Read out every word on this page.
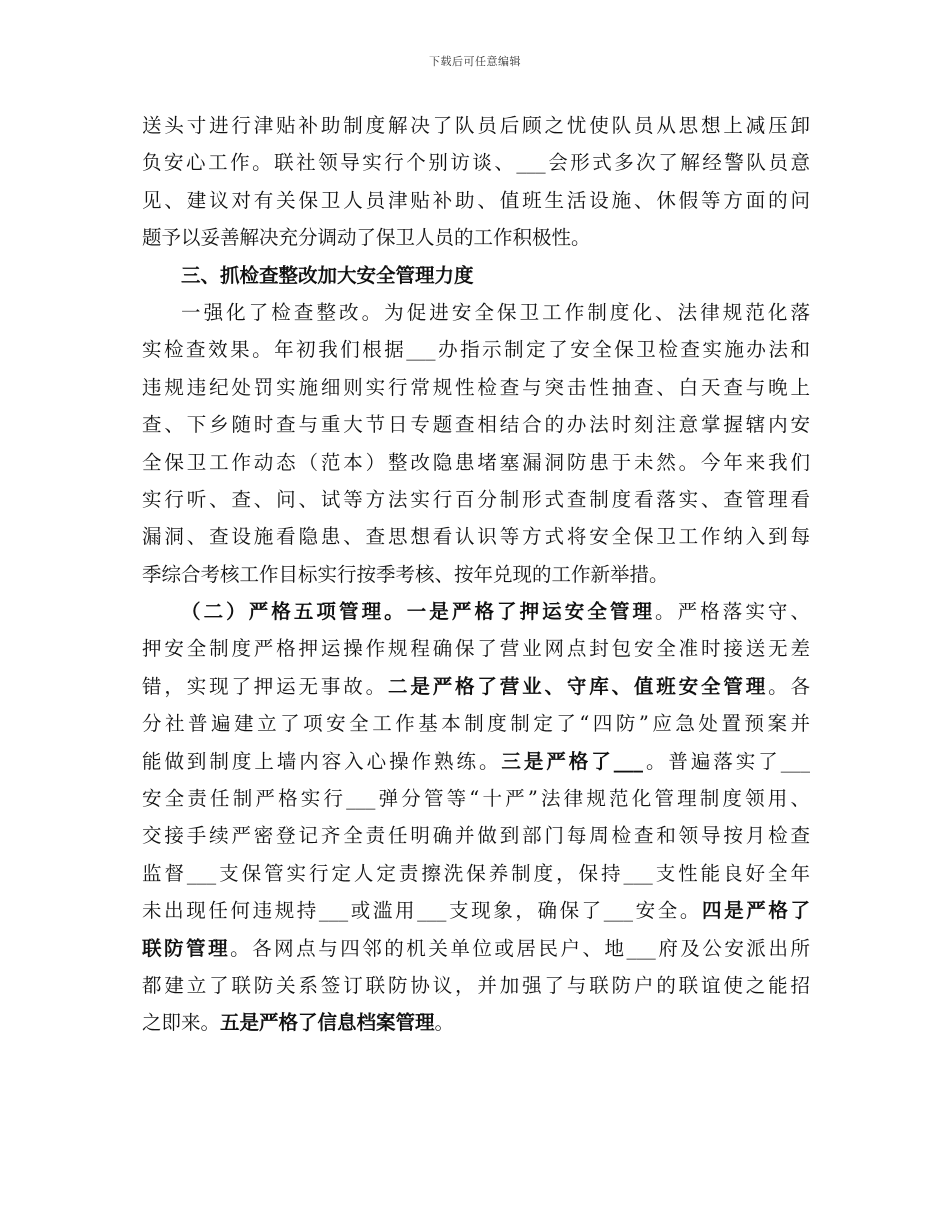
下载后可任意编辑
送头寸进行津贴补助制度解决了队员后顾之忧使队员从思想上减压卸
负安心工作。联社领导实行个别访谈、___会形式多次了解经警队员意
见、建议对有关保卫人员津贴补助、值班生活设施、休假等方面的问
题予以妥善解决充分调动了保卫人员的工作积极性。
三、抓检查整改加大安全管理力度
一强化了检查整改。为促进安全保卫工作制度化、法律规范化落
实检查效果。年初我们根据___办指示制定了安全保卫检查实施办法和
违规违纪处罚实施细则实行常规性检查与突击性抽查、白天查与晚上
查、下乡随时查与重大节日专题查相结合的办法时刻注意掌握辖内安
全保卫工作动态（范本）整改隐患堵塞漏洞防患于未然。今年来我们
实行听、查、问、试等方法实行百分制形式查制度看落实、查管理看
漏洞、查设施看隐患、查思想看认识等方式将安全保卫工作纳入到每
季综合考核工作目标实行按季考核、按年兑现的工作新举措。
（二）严格五项管理。一是严格了押运安全管理。严格落实守、
押安全制度严格押运操作规程确保了营业网点封包安全准时接送无差
错，实现了押运无事故。二是严格了营业、守库、值班安全管理。各
分社普遍建立了项安全工作基本制度制定了“四防”应急处置预案并
能做到制度上墙内容入心操作熟练。三是严格了___。普遍落实了___
安全责任制严格实行___弹分管等“十严”法律规范化管理制度领用、
交接手续严密登记齐全责任明确并做到部门每周检查和领导按月检查
监督___支保管实行定人定责擦洗保养制度，保持___支性能良好全年
未出现任何违规持___或滥用___支现象，确保了___安全。四是严格了
联防管理。各网点与四邻的机关单位或居民户、地___府及公安派出所
都建立了联防关系签订联防协议，并加强了与联防户的联谊使之能招
之即来。五是严格了信息档案管理。
